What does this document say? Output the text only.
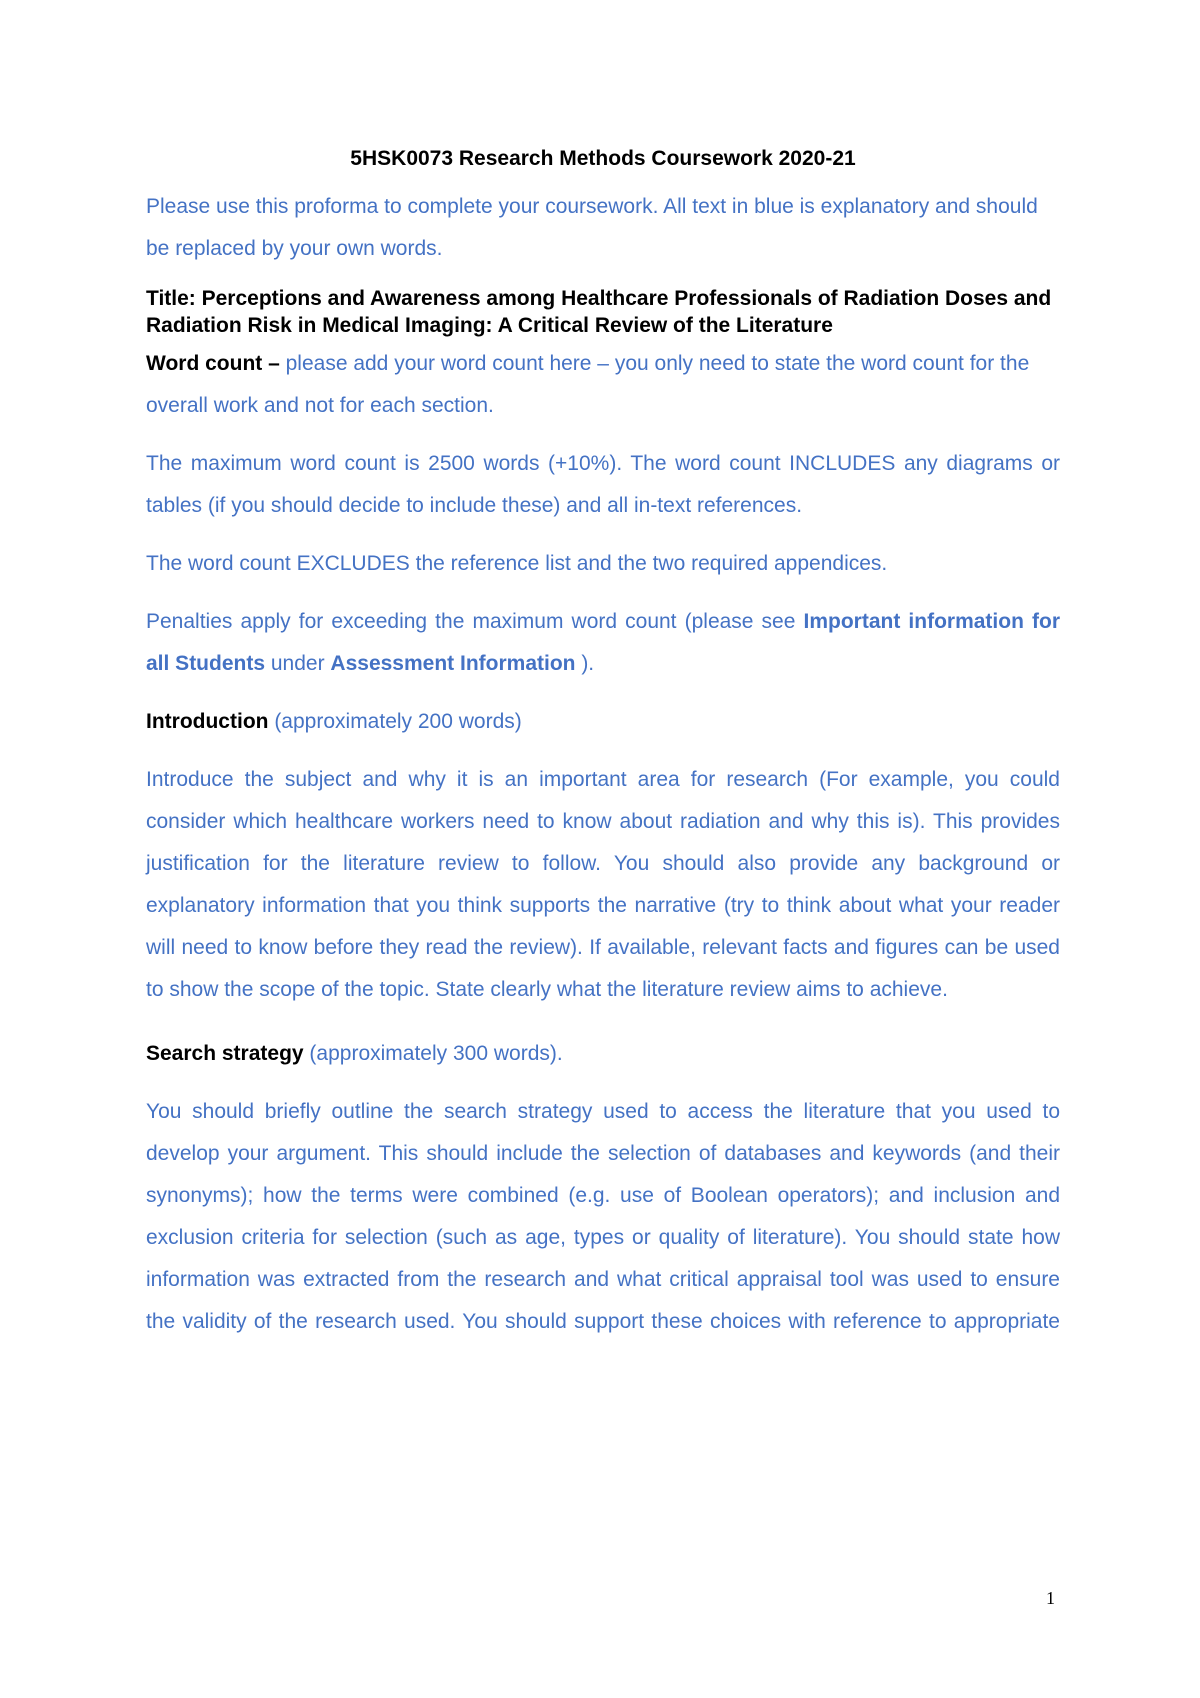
5HSK0073 Research Methods Coursework 2020-21

Please use this proforma to complete your coursework. All text in blue is explanatory and should be replaced by your own words.

Title: Perceptions and Awareness among Healthcare Professionals of Radiation Doses and Radiation Risk in Medical Imaging: A Critical Review of the Literature

Word count – please add your word count here – you only need to state the word count for the overall work and not for each section.

The maximum word count is 2500 words (+10%). The word count INCLUDES any diagrams or tables (if you should decide to include these) and all in-text references.

The word count EXCLUDES the reference list and the two required appendices.

Penalties apply for exceeding the maximum word count (please see Important information for all Students under Assessment Information ).

Introduction (approximately 200 words)

Introduce the subject and why it is an important area for research (For example, you could consider which healthcare workers need to know about radiation and why this is). This provides justification for the literature review to follow. You should also provide any background or explanatory information that you think supports the narrative (try to think about what your reader will need to know before they read the review). If available, relevant facts and figures can be used to show the scope of the topic. State clearly what the literature review aims to achieve.

Search strategy (approximately 300 words).

You should briefly outline the search strategy used to access the literature that you used to develop your argument. This should include the selection of databases and keywords (and their synonyms); how the terms were combined (e.g. use of Boolean operators); and inclusion and exclusion criteria for selection (such as age, types or quality of literature). You should state how information was extracted from the research and what critical appraisal tool was used to ensure the validity of the research used. You should support these choices with reference to appropriate

1
